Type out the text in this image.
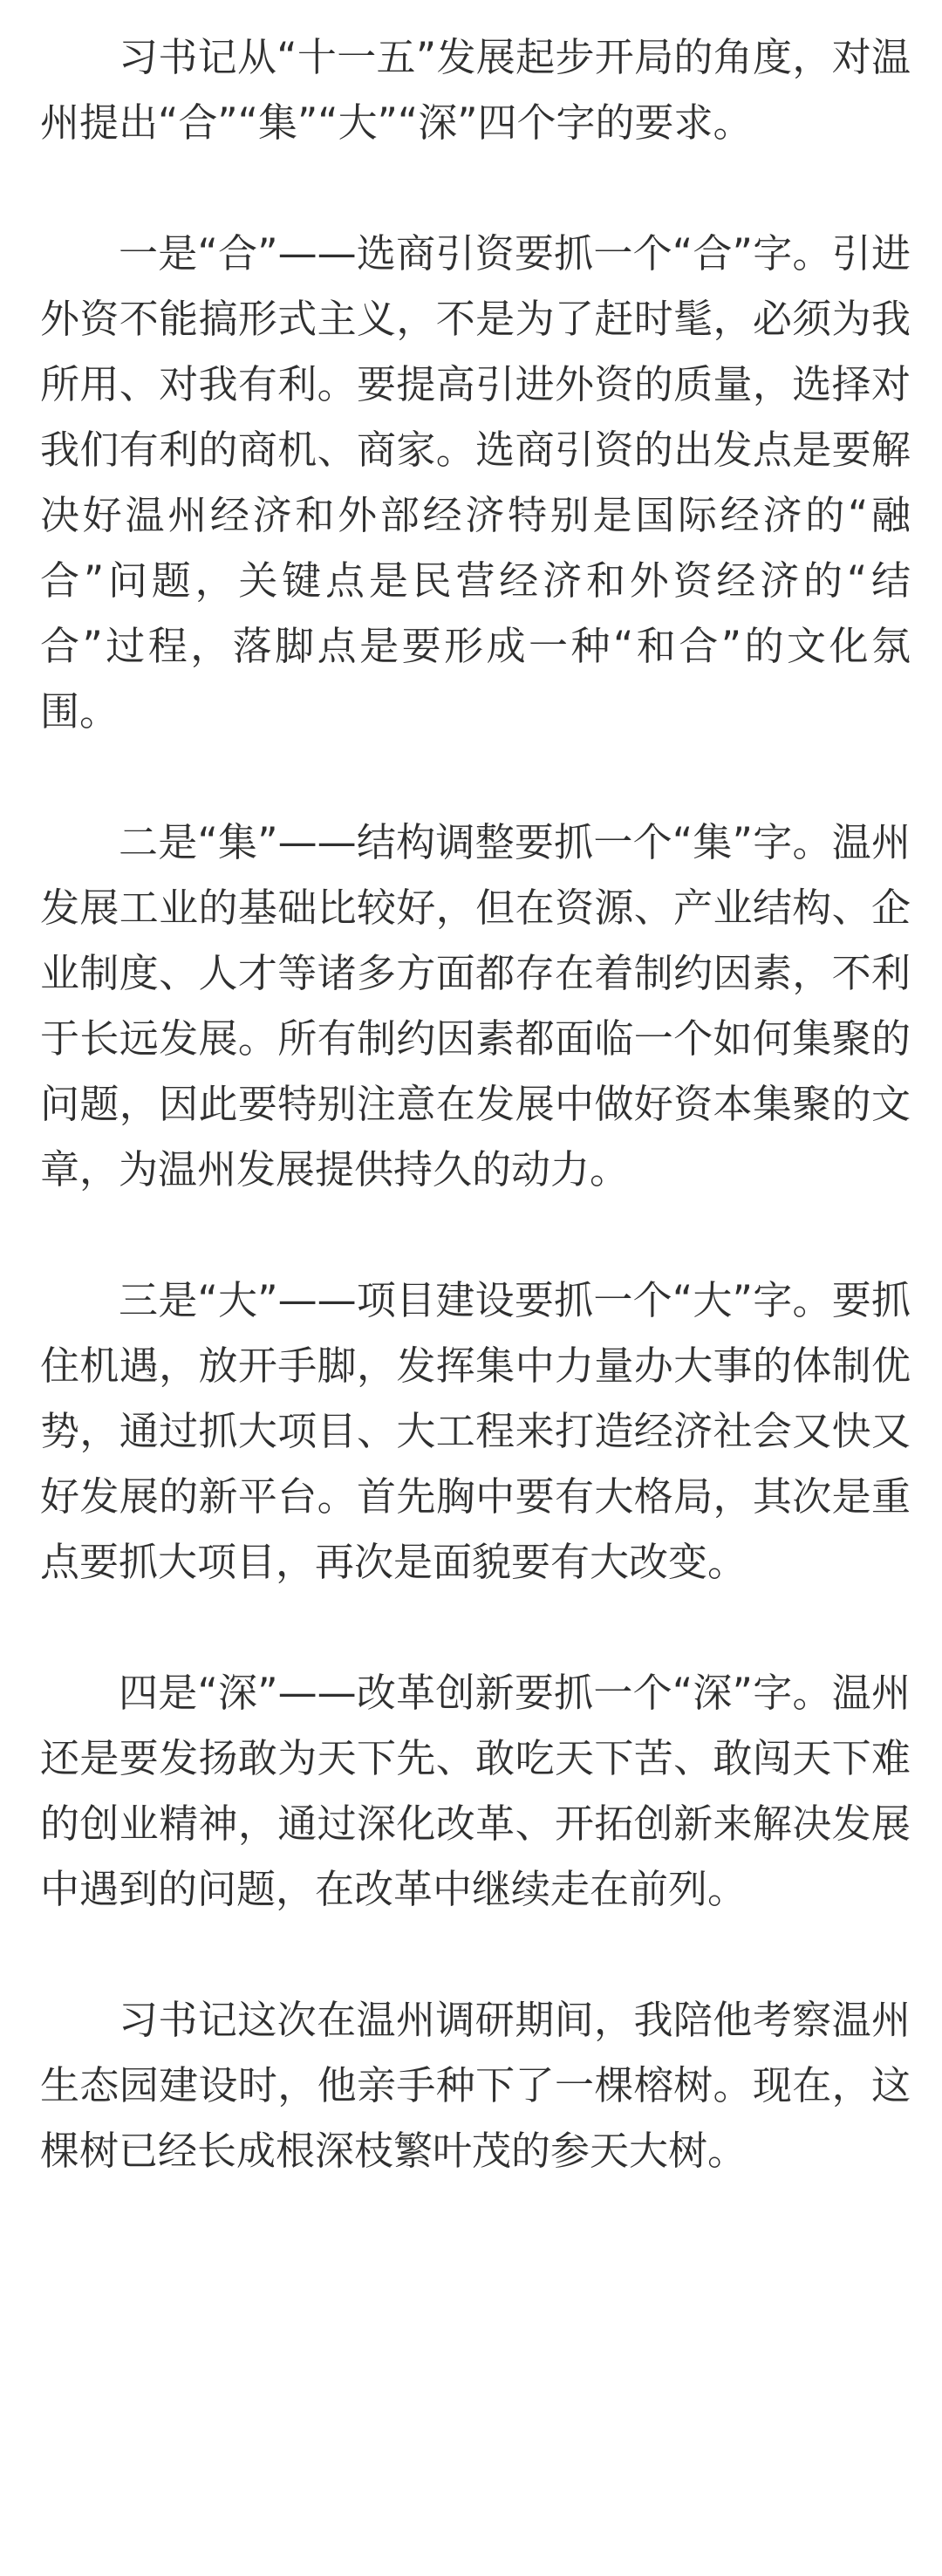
习书记从“十一五”发展起步开局的角度，对温州提出“合”“集”“大”“深”四个字的要求。

一是“合”——选商引资要抓一个“合”字。引进外资不能搞形式主义，不是为了赶时髦，必须为我所用、对我有利。要提高引进外资的质量，选择对我们有利的商机、商家。选商引资的出发点是要解决好温州经济和外部经济特别是国际经济的“融合”问题，关键点是民营经济和外资经济的“结合”过程，落脚点是要形成一种“和合”的文化氛围。

二是“集”——结构调整要抓一个“集”字。温州发展工业的基础比较好，但在资源、产业结构、企业制度、人才等诸多方面都存在着制约因素，不利于长远发展。所有制约因素都面临一个如何集聚的问题，因此要特别注意在发展中做好资本集聚的文章，为温州发展提供持久的动力。

三是“大”——项目建设要抓一个“大”字。要抓住机遇，放开手脚，发挥集中力量办大事的体制优势，通过抓大项目、大工程来打造经济社会又快又好发展的新平台。首先胸中要有大格局，其次是重点要抓大项目，再次是面貌要有大改变。

四是“深”——改革创新要抓一个“深”字。温州还是要发扬敢为天下先、敢吃天下苦、敢闯天下难的创业精神，通过深化改革、开拓创新来解决发展中遇到的问题，在改革中继续走在前列。

习书记这次在温州调研期间，我陪他考察温州生态园建设时，他亲手种下了一棵榕树。现在，这棵树已经长成根深枝繁叶茂的参天大树。
